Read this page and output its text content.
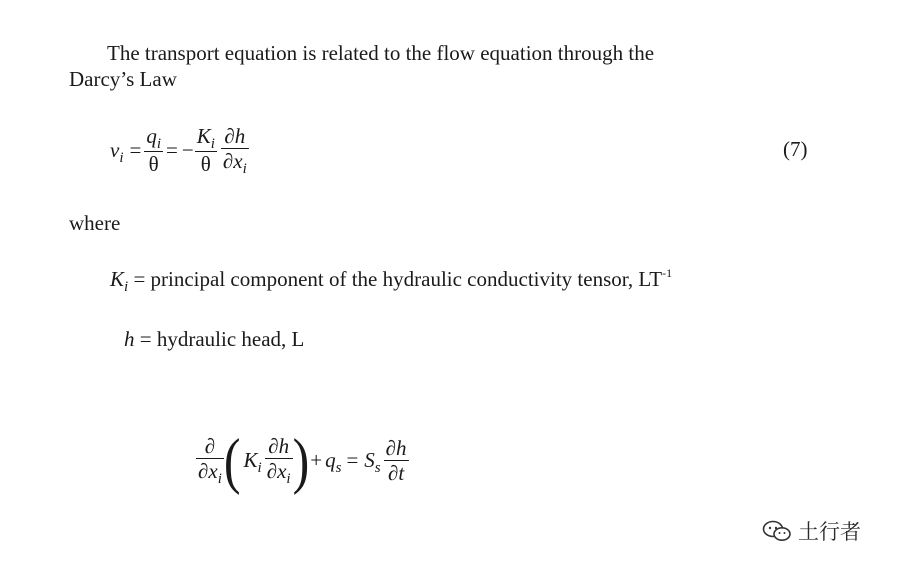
The transport equation is related to the flow equation through the
Darcy’s Law
$v_i = \frac{q_i}{\theta}$ = − $\frac{K_i}{\theta} \frac{\partial h}{\partial x_i}$	(7)
where
$K_i$ = principal component of the hydraulic conductivity tensor, $LT^{-1}$
h = hydraulic head, L
$\frac{\partial}{\partial x_i}$ ( $K_i \frac{\partial h}{\partial x_i}$ ) + $q_s = S_s \frac{\partial h}{\partial t}$
土行者
